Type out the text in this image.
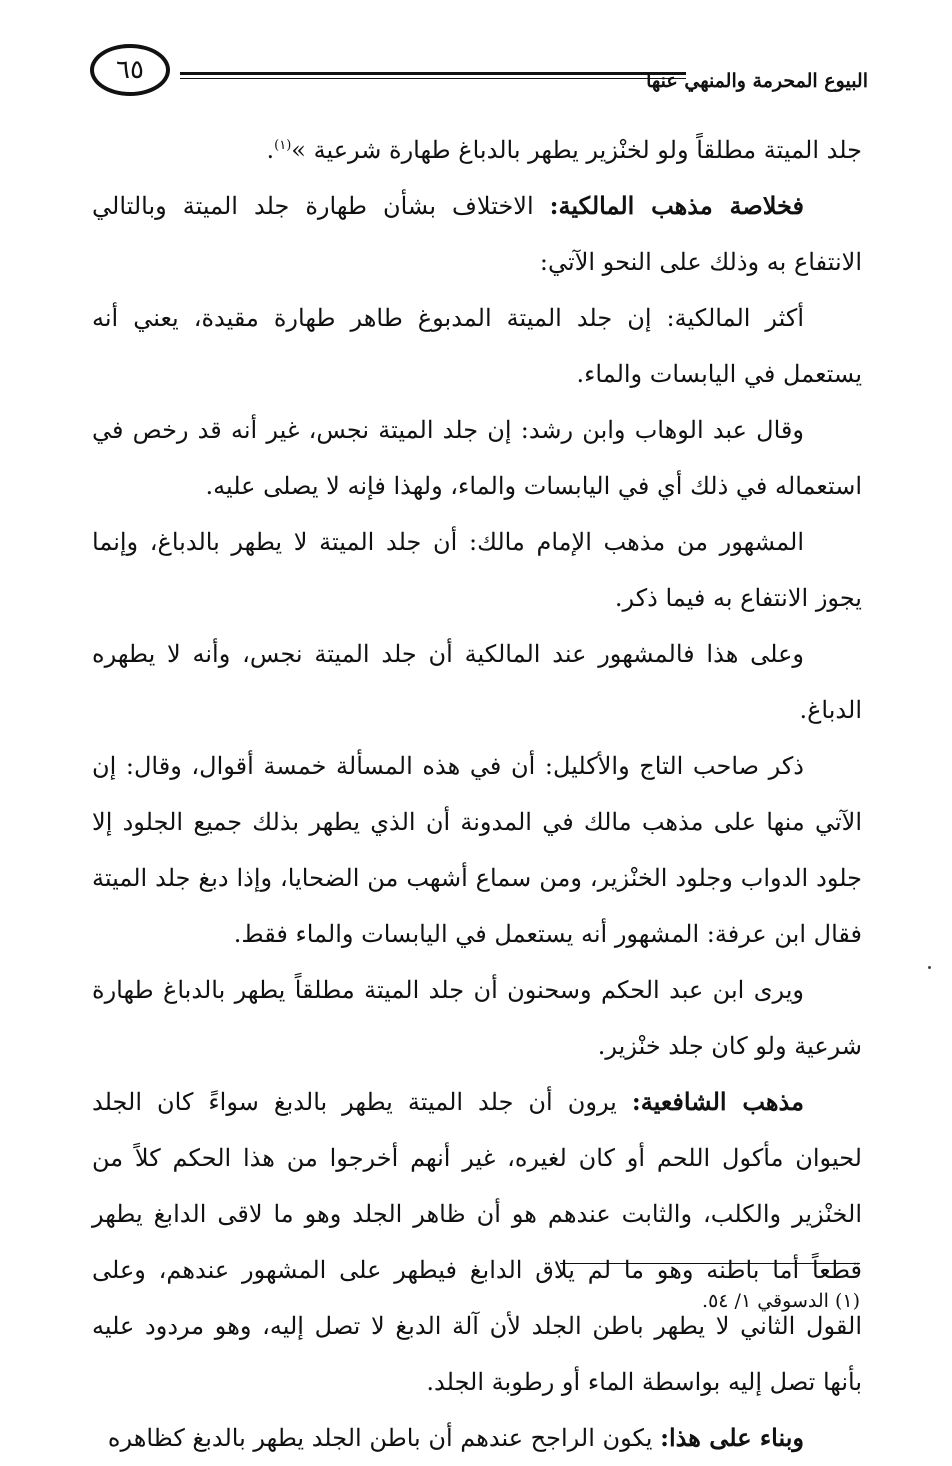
٦٥	البيوع المحرمة والمنهي عنها

جلد الميتة مطلقاً ولو لخنْزير يطهر بالدباغ طهارة شرعية »$^{(١)}$.

فخلاصة مذهب المالكية: الاختلاف بشأن طهارة جلد الميتة وبالتالي الانتفاع به وذلك على النحو الآتي:

أكثر المالكية: إن جلد الميتة المدبوغ طاهر طهارة مقيدة، يعني أنه يستعمل في اليابسات والماء.

وقال عبد الوهاب وابن رشد: إن جلد الميتة نجس، غير أنه قد رخص في استعماله في ذلك أي في اليابسات والماء، ولهذا فإنه لا يصلى عليه.

المشهور من مذهب الإمام مالك: أن جلد الميتة لا يطهر بالدباغ، وإنما يجوز الانتفاع به فيما ذكر.

وعلى هذا فالمشهور عند المالكية أن جلد الميتة نجس، وأنه لا يطهره الدباغ.

ذكر صاحب التاج والأكليل: أن في هذه المسألة خمسة أقوال، وقال: إن الآتي منها على مذهب مالك في المدونة أن الذي يطهر بذلك جميع الجلود إلا جلود الدواب وجلود الخنْزير، ومن سماع أشهب من الضحايا، وإذا دبغ جلد الميتة فقال ابن عرفة: المشهور أنه يستعمل في اليابسات والماء فقط.

ويرى ابن عبد الحكم وسحنون أن جلد الميتة مطلقاً يطهر بالدباغ طهارة شرعية ولو كان جلد خنْزير.

مذهب الشافعية: يرون أن جلد الميتة يطهر بالدبغ سواءً كان الجلد لحيوان مأكول اللحم أو كان لغيره، غير أنهم أخرجوا من هذا الحكم كلاً من الخنْزير والكلب، والثابت عندهم هو أن ظاهر الجلد وهو ما لاقى الدابغ يطهر قطعاً أما باطنه وهو ما لم يلاق الدابغ فيطهر على المشهور عندهم، وعلى القول الثاني لا يطهر باطن الجلد لأن آلة الدبغ لا تصل إليه، وهو مردود عليه بأنها تصل إليه بواسطة الماء أو رطوبة الجلد.

وبناء على هذا: يكون الراجح عندهم أن باطن الجلد يطهر بالدبغ كظاهره

(١) الدسوقي ١/ ٥٤.
